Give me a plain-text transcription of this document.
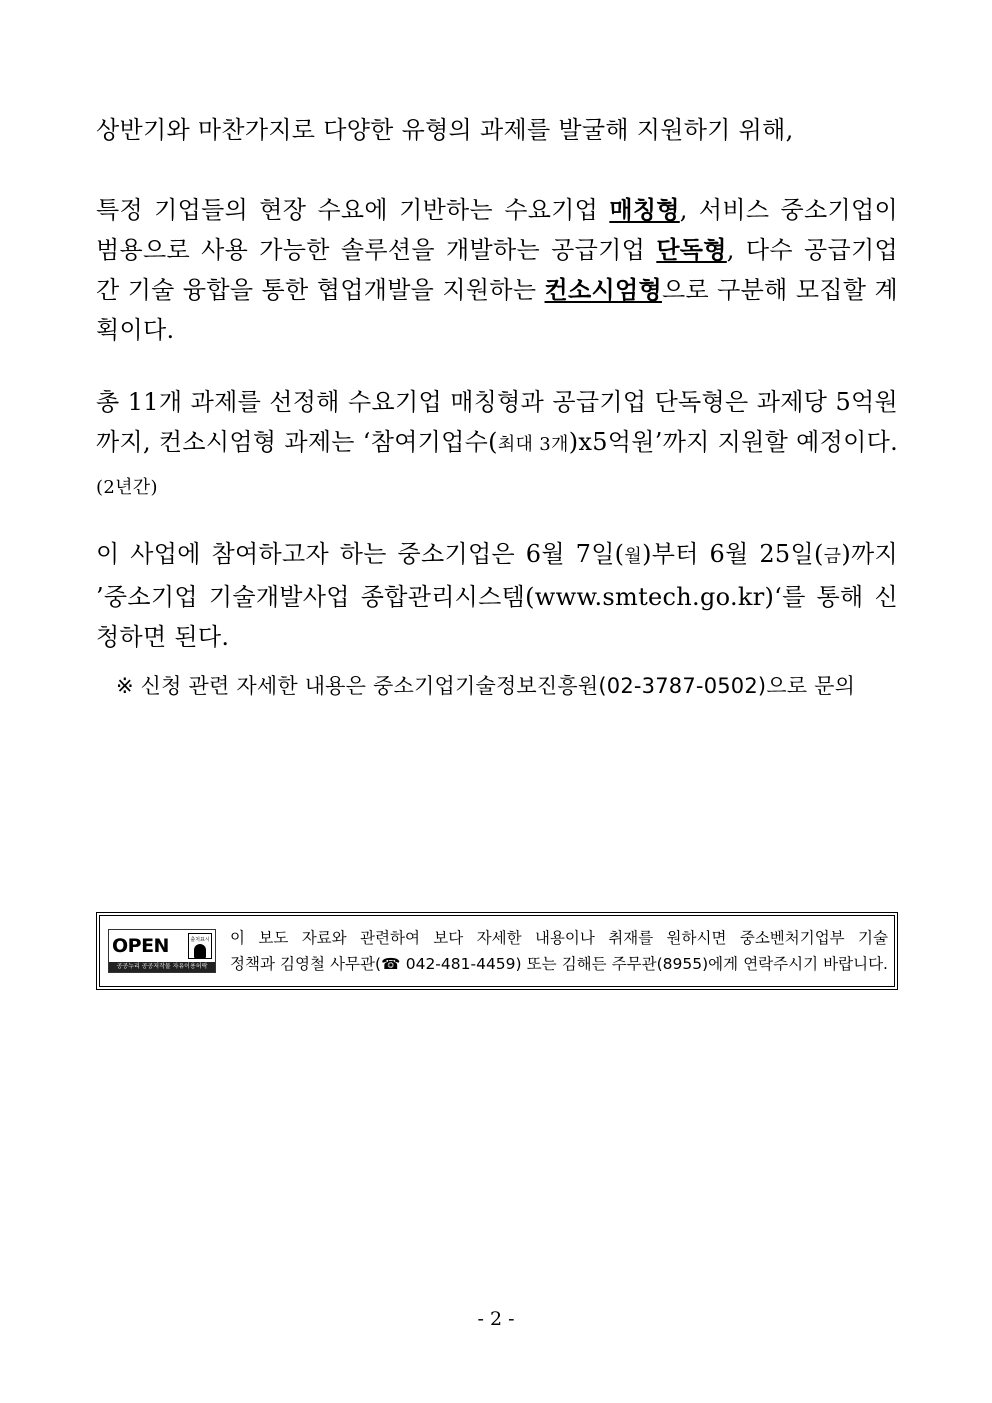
상반기와 마찬가지로 다양한 유형의 과제를 발굴해 지원하기 위해,

특정 기업들의 현장 수요에 기반하는 수요기업 매칭형, 서비스 중소기업이 범용으로 사용 가능한 솔루션을 개발하는 공급기업 단독형, 다수 공급기업 간 기술 융합을 통한 협업개발을 지원하는 컨소시엄형으로 구분해 모집할 계획이다.

총 11개 과제를 선정해 수요기업 매칭형과 공급기업 단독형은 과제당 5억원까지, 컨소시엄형 과제는 ‘참여기업수(최대 3개)x5억원’까지 지원할 예정이다. (2년간)

이 사업에 참여하고자 하는 중소기업은 6월 7일(월)부터 6월 25일(금)까지 ’중소기업 기술개발사업 종합관리시스템(www.smtech.go.kr)‘를 통해 신청하면 된다.

※ 신청 관련 자세한 내용은 중소기업기술정보진흥원(02-3787-0502)으로 문의
OPEN	출처표시
공공누리 공공저작물 자유이용허락
이 보도 자료와 관련하여 보다 자세한 내용이나 취재를 원하시면 중소벤처기업부 기술
정책과 김영철 사무관(☎ 042-481-4459) 또는 김해든 주무관(8955)에게 연락주시기 바랍니다.
- 2 -
